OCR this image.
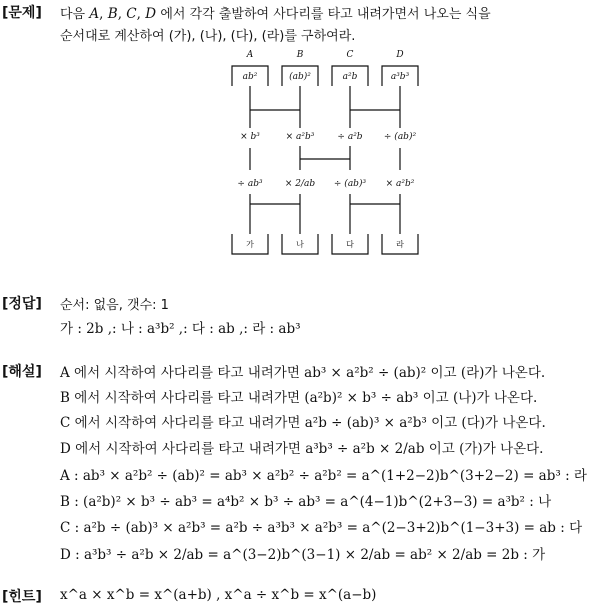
[문제] 다음 A, B, C, D 에서 각각 출발하여 사다리를 타고 내려가면서 나오는 식을
순서대로 계산하여 (가), (나), (다), (라)를 구하여라.
A	B	C	D
ab²	(ab)²	a²b	a³b³
× b³	× a²b³	÷ a²b ÷ (ab)²
÷ ab³ × 2/ab ÷ (ab)³ × a²b²
가	나	다	라
[정답] 순서: 없음, 갯수: 1
가 : 2b ,: 나 : a³b² ,: 다 : ab ,: 라 : ab³
[해설] A 에서 시작하여 사다리를 타고 내려가면 ab³ × a²b² ÷ (ab)² 이고 (라)가 나온다.
B 에서 시작하여 사다리를 타고 내려가면 (a²b)² × b³ ÷ ab³ 이고 (나)가 나온다.
C 에서 시작하여 사다리를 타고 내려가면 a²b ÷ (ab)³ × a²b³ 이고 (다)가 나온다.
D 에서 시작하여 사다리를 타고 내려가면 a³b³ ÷ a²b × 2/ab 이고 (가)가 나온다.
A : ab³ × a²b² ÷ (ab)² = ab³ × a²b² ÷ a²b² = a^(1+2−2)b^(3+2−2) = ab³ : 라
B : (a²b)² × b³ ÷ ab³ = a⁴b² × b³ ÷ ab³ = a^(4−1)b^(2+3−3) = a³b² : 나
C : a²b ÷ (ab)³ × a²b³ = a²b ÷ a³b³ × a²b³ = a^(2−3+2)b^(1−3+3) = ab : 다
D : a³b³ ÷ a²b × 2/ab = a^(3−2)b^(3−1) × 2/ab = ab² × 2/ab = 2b : 가
[힌트] x^a × x^b = x^(a+b) , x^a ÷ x^b = x^(a−b)
